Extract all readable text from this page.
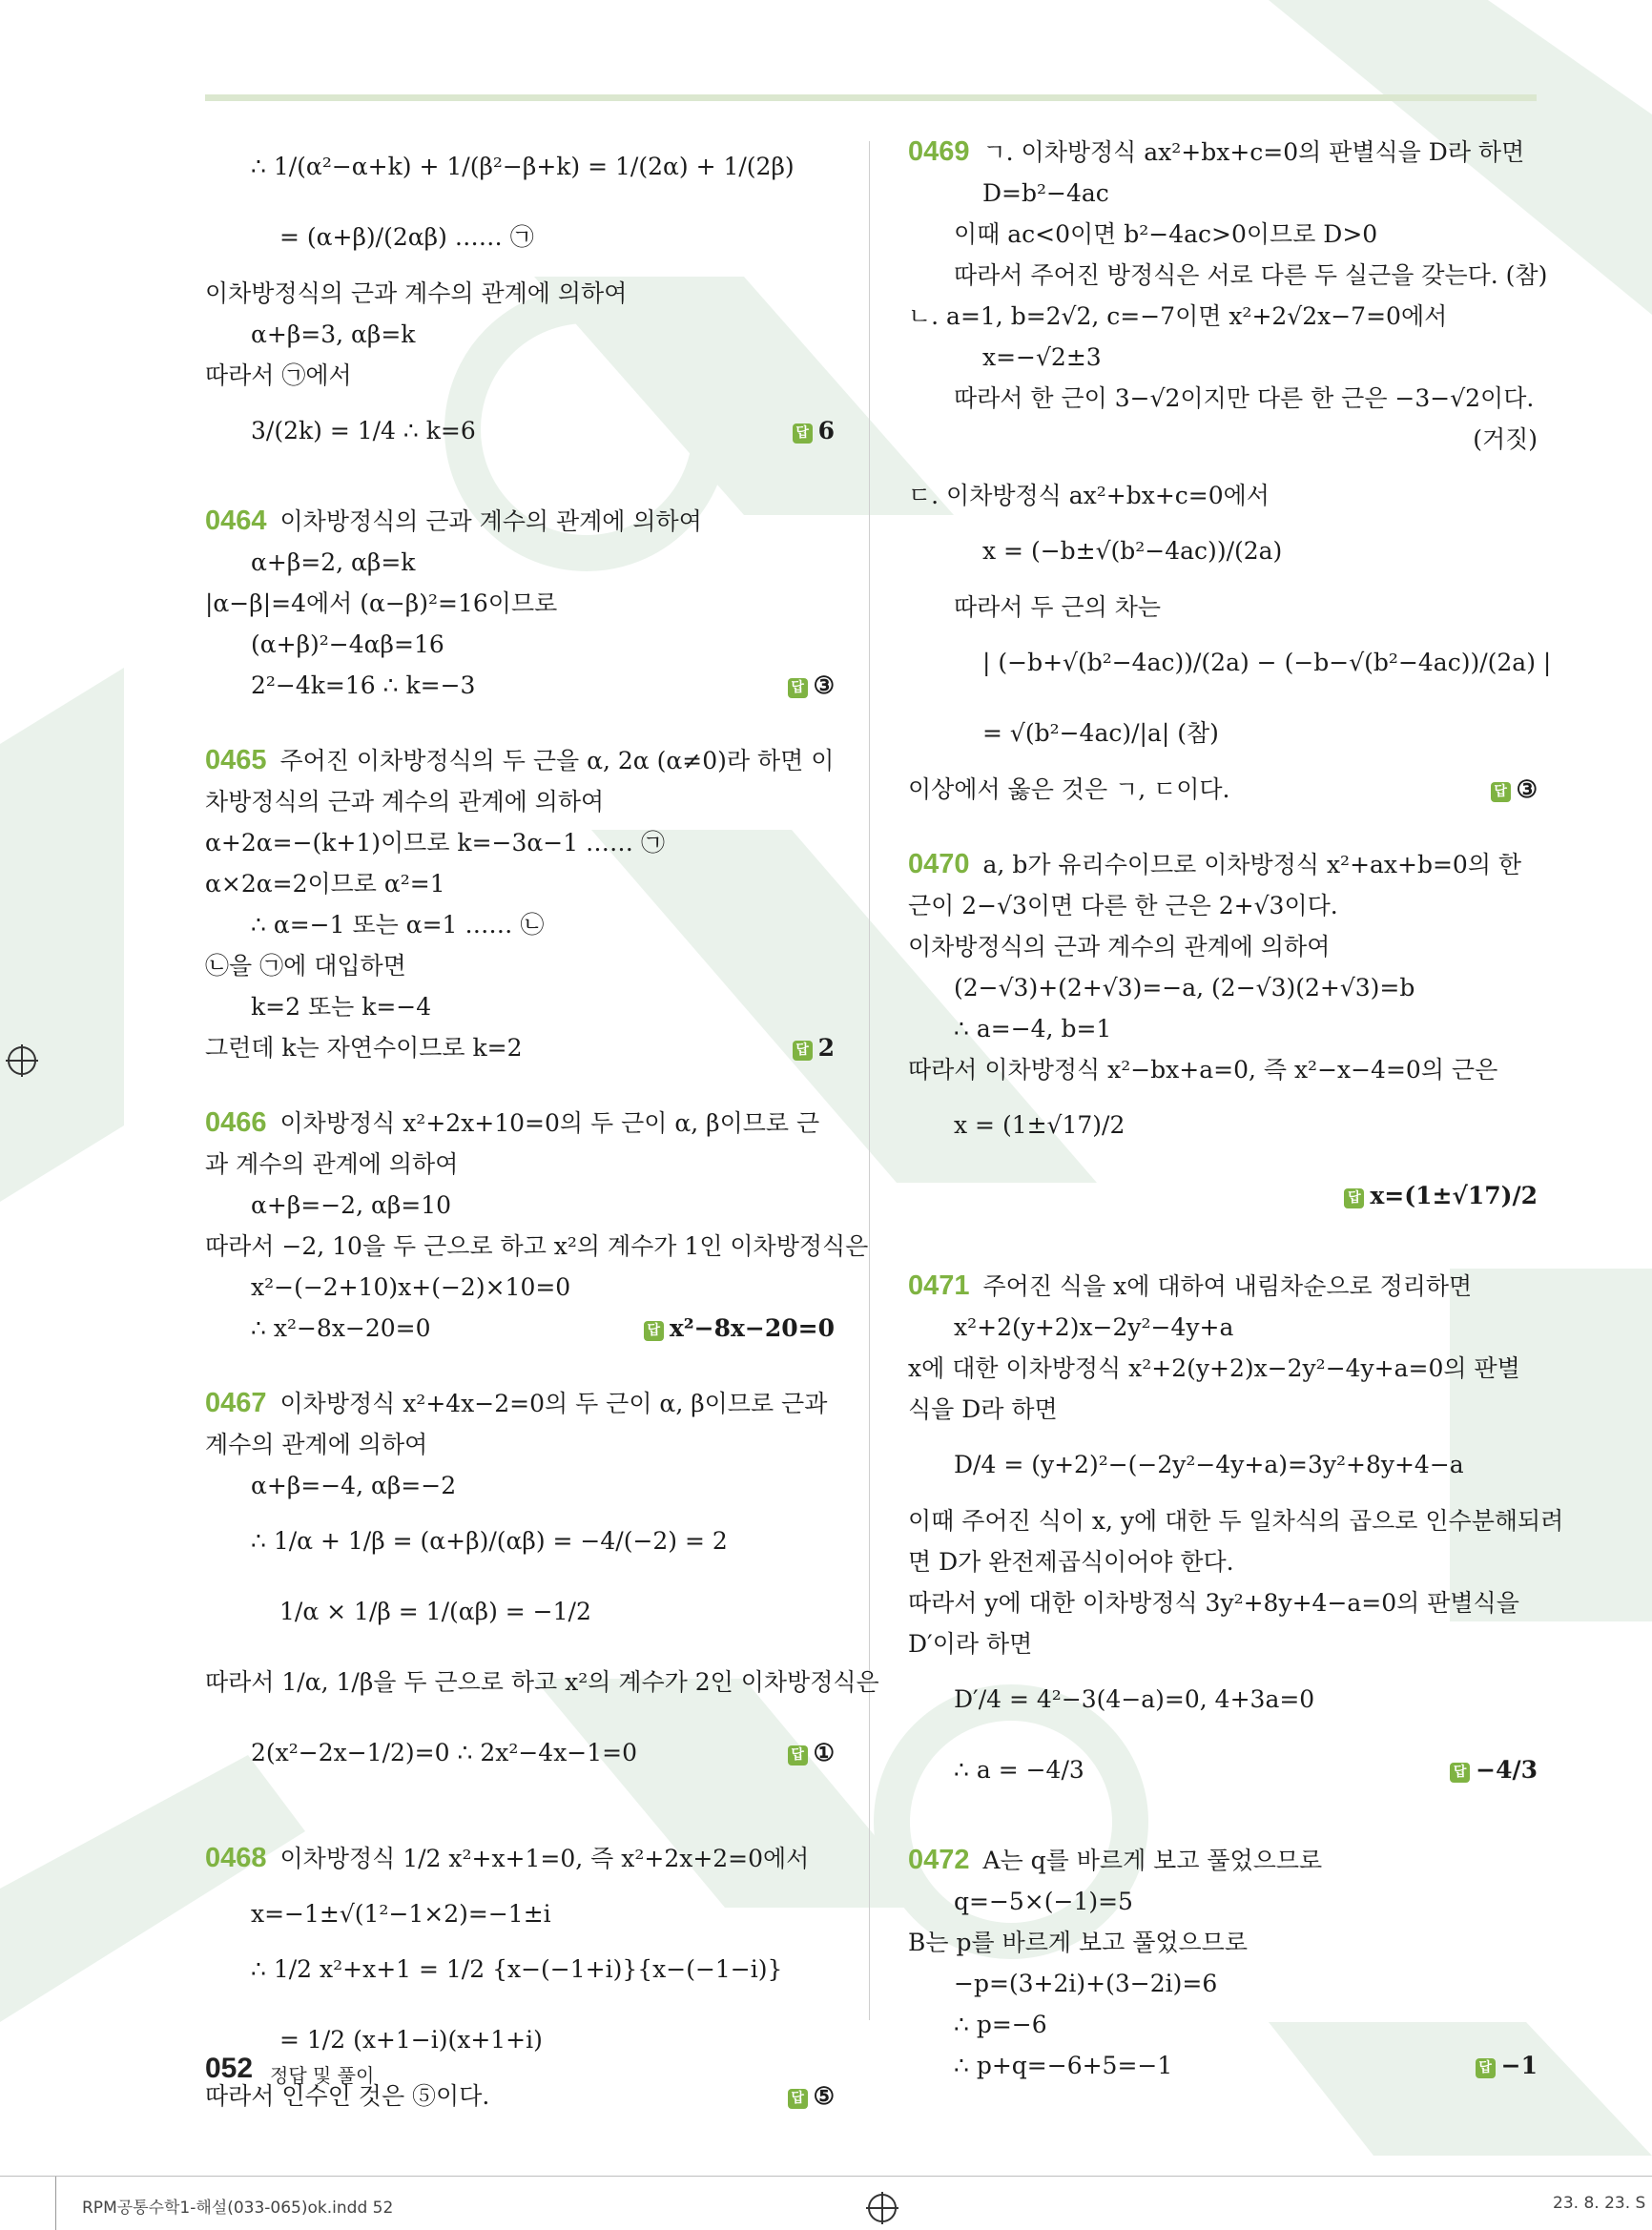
∴ 1/(α²−α+k) + 1/(β²−β+k) = 1/(2α) + 1/(2β)
= (α+β)/(2αβ) …… ㉠
이차방정식의 근과 계수의 관계에 의하여
α+β=3, αβ=k
따라서 ㉠에서
3/(2k) = 1/4 ∴ k=6	답 6
0464 이차방정식의 근과 계수의 관계에 의하여
α+β=2, αβ=k
|α−β|=4에서 (α−β)²=16이므로
(α+β)²−4αβ=16
2²−4k=16 ∴ k=−3	답 ③
0465 주어진 이차방정식의 두 근을 α, 2α (α≠0)라 하면 이
차방정식의 근과 계수의 관계에 의하여
α+2α=−(k+1)이므로 k=−3α−1 …… ㉠
α×2α=2이므로 α²=1
∴ α=−1 또는 α=1 …… ㉡
㉡을 ㉠에 대입하면
k=2 또는 k=−4
그런데 k는 자연수이므로 k=2	답 2
0466 이차방정식 x²+2x+10=0의 두 근이 α, β이므로 근
과 계수의 관계에 의하여
α+β=−2, αβ=10
따라서 −2, 10을 두 근으로 하고 x²의 계수가 1인 이차방정식은
x²−(−2+10)x+(−2)×10=0
∴ x²−8x−20=0	답 x²−8x−20=0
0467 이차방정식 x²+4x−2=0의 두 근이 α, β이므로 근과
계수의 관계에 의하여
α+β=−4, αβ=−2
∴ 1/α + 1/β = (α+β)/(αβ) = −4/(−2) = 2
1/α × 1/β = 1/(αβ) = −1/2
따라서 1/α, 1/β을 두 근으로 하고 x²의 계수가 2인 이차방정식은
2(x²−2x−1/2)=0 ∴ 2x²−4x−1=0	답 ①
0468 이차방정식 1/2 x²+x+1=0, 즉 x²+2x+2=0에서
x=−1±√(1²−1×2)=−1±i
∴ 1/2 x²+x+1 = 1/2 {x−(−1+i)}{x−(−1−i)}
= 1/2 (x+1−i)(x+1+i)
따라서 인수인 것은 ⑤이다.	답 ⑤
0469 ㄱ. 이차방정식 ax²+bx+c=0의 판별식을 D라 하면
D=b²−4ac
이때 ac<0이면 b²−4ac>0이므로 D>0
따라서 주어진 방정식은 서로 다른 두 실근을 갖는다. (참)
ㄴ. a=1, b=2√2, c=−7이면 x²+2√2x−7=0에서
x=−√2±3
따라서 한 근이 3−√2이지만 다른 한 근은 −3−√2이다.
(거짓)
ㄷ. 이차방정식 ax²+bx+c=0에서
x = (−b±√(b²−4ac))/(2a)
따라서 두 근의 차는
| (−b+√(b²−4ac))/(2a) − (−b−√(b²−4ac))/(2a) |
= √(b²−4ac)/|a| (참)
이상에서 옳은 것은 ㄱ, ㄷ이다.	답 ③
0470 a, b가 유리수이므로 이차방정식 x²+ax+b=0의 한
근이 2−√3이면 다른 한 근은 2+√3이다.
이차방정식의 근과 계수의 관계에 의하여
(2−√3)+(2+√3)=−a, (2−√3)(2+√3)=b
∴ a=−4, b=1
따라서 이차방정식 x²−bx+a=0, 즉 x²−x−4=0의 근은
x = (1±√17)/2
답 x=(1±√17)/2
0471 주어진 식을 x에 대하여 내림차순으로 정리하면
x²+2(y+2)x−2y²−4y+a
x에 대한 이차방정식 x²+2(y+2)x−2y²−4y+a=0의 판별
식을 D라 하면
D/4 = (y+2)²−(−2y²−4y+a)=3y²+8y+4−a
이때 주어진 식이 x, y에 대한 두 일차식의 곱으로 인수분해되려
면 D가 완전제곱식이어야 한다.
따라서 y에 대한 이차방정식 3y²+8y+4−a=0의 판별식을
D′이라 하면
D′/4 = 4²−3(4−a)=0, 4+3a=0
∴ a = −4/3	답 −4/3
0472 A는 q를 바르게 보고 풀었으므로
q=−5×(−1)=5
B는 p를 바르게 보고 풀었으므로
−p=(3+2i)+(3−2i)=6
∴ p=−6
∴ p+q=−6+5=−1	답 −1
052 정답 및 풀이
RPM공통수학1-해설(033-065)ok.indd 52	23. 8. 23. S
